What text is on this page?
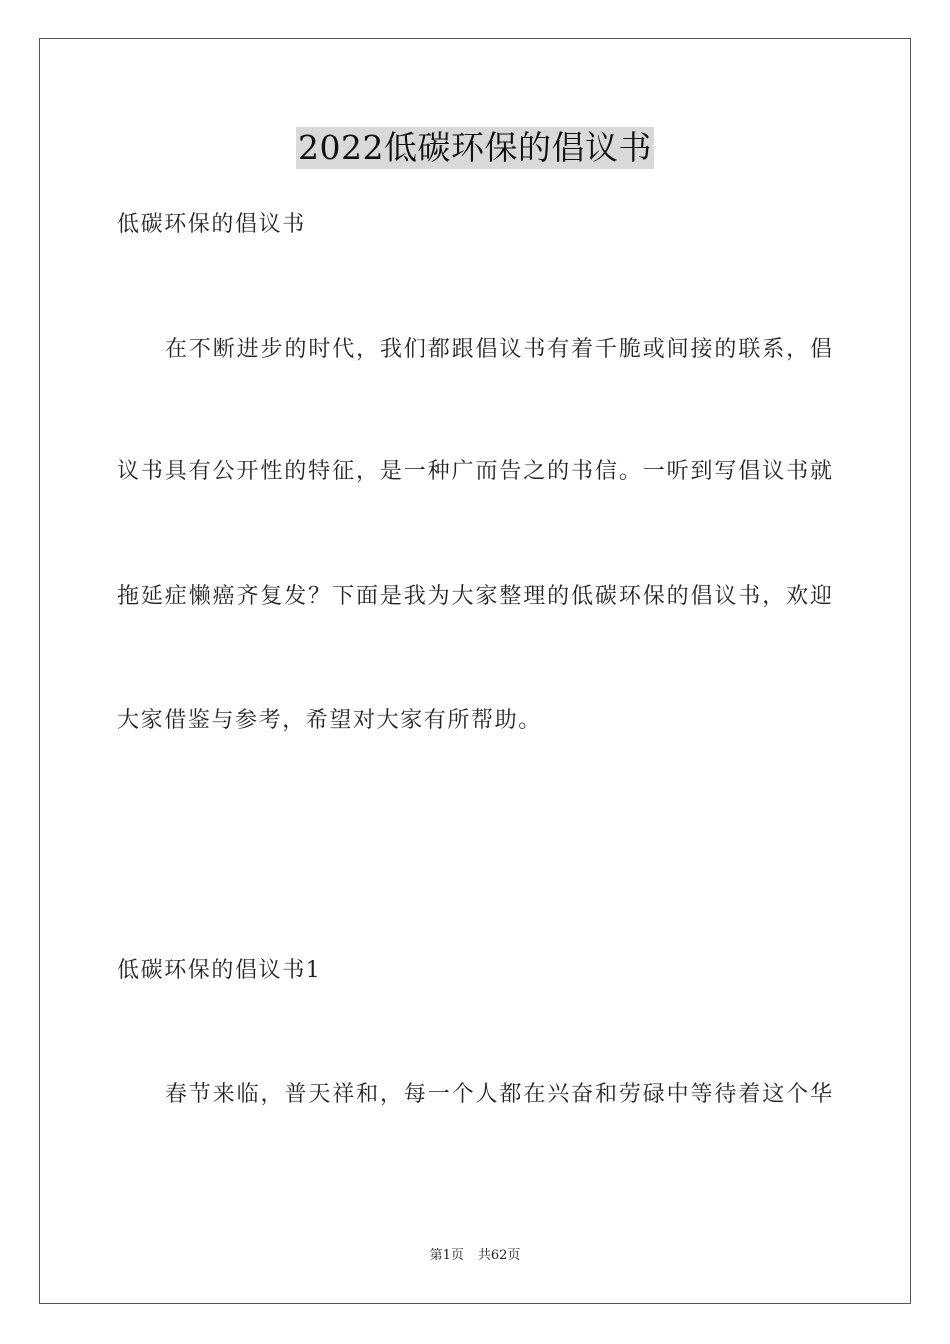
2022低碳环保的倡议书
低碳环保的倡议书
在不断进步的时代，我们都跟倡议书有着千脆或间接的联系，倡
议书具有公开性的特征，是一种广而告之的书信。一听到写倡议书就
拖延症懒癌齐复发？下面是我为大家整理的低碳环保的倡议书，欢迎
大家借鉴与参考，希望对大家有所帮助。
低碳环保的倡议书1
春节来临，普天祥和，每一个人都在兴奋和劳碌中等待着这个华
第1页 共62页
